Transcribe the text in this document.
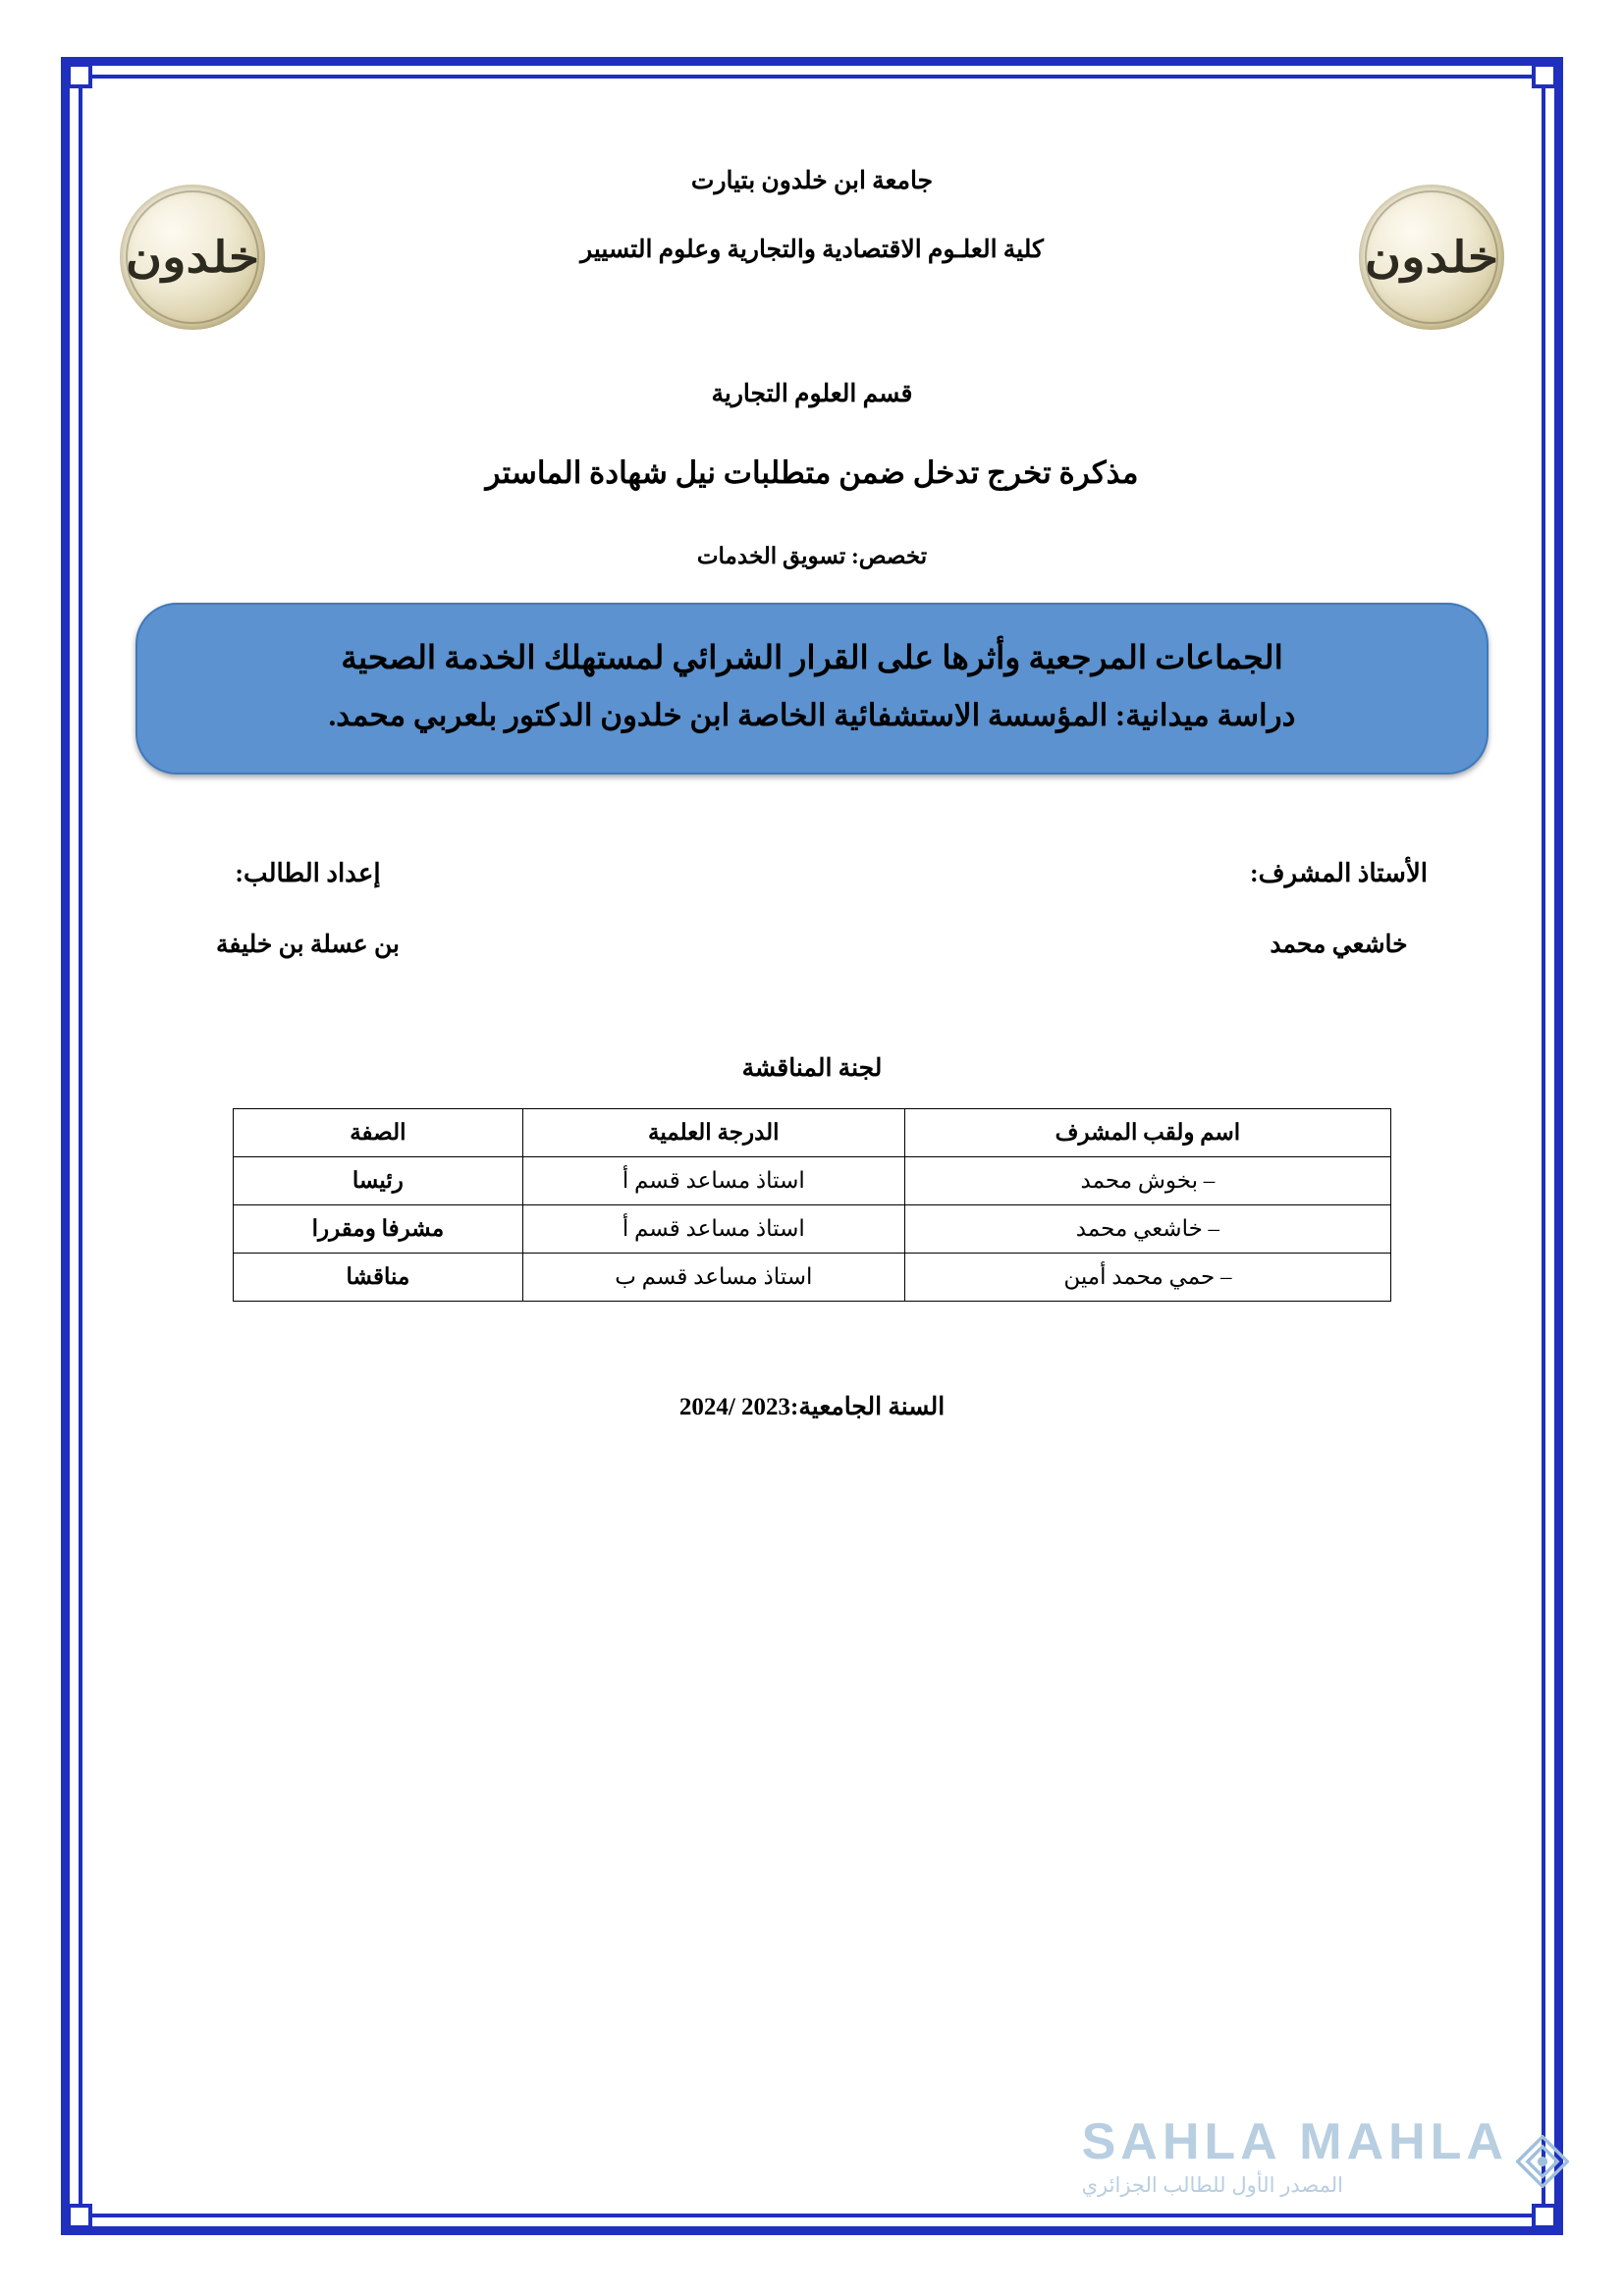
خلدون
خلدون
جامعة ابن خلدون بتيارت
كلية العلـوم الاقتصادية والتجارية وعلوم التسيير
قسم العلوم التجارية
مذكرة تخرج تدخل ضمن متطلبات نيل شهادة الماستر
تخصص: تسويق الخدمات
الجماعات المرجعية وأثرها على القرار الشرائي لمستهلك الخدمة الصحية
دراسة ميدانية: المؤسسة الاستشفائية الخاصة ابن خلدون الدكتور بلعربي محمد.
إعداد الطالب:
بن عسلة بن خليفة
الأستاذ المشرف:
خاشعي محمد
لجنة المناقشة
اسم ولقب المشرف	الدرجة العلمية	الصفة
– بخوش محمد	استاذ مساعد قسم أ	رئيسا
– خاشعي محمد	استاذ مساعد قسم أ	مشرفا ومقررا
– حمي محمد أمين	استاذ مساعد قسم ب	مناقشا
السنة الجامعية:2023 /2024
SAHLA MAHLA
المصدر الأول للطالب الجزائري
